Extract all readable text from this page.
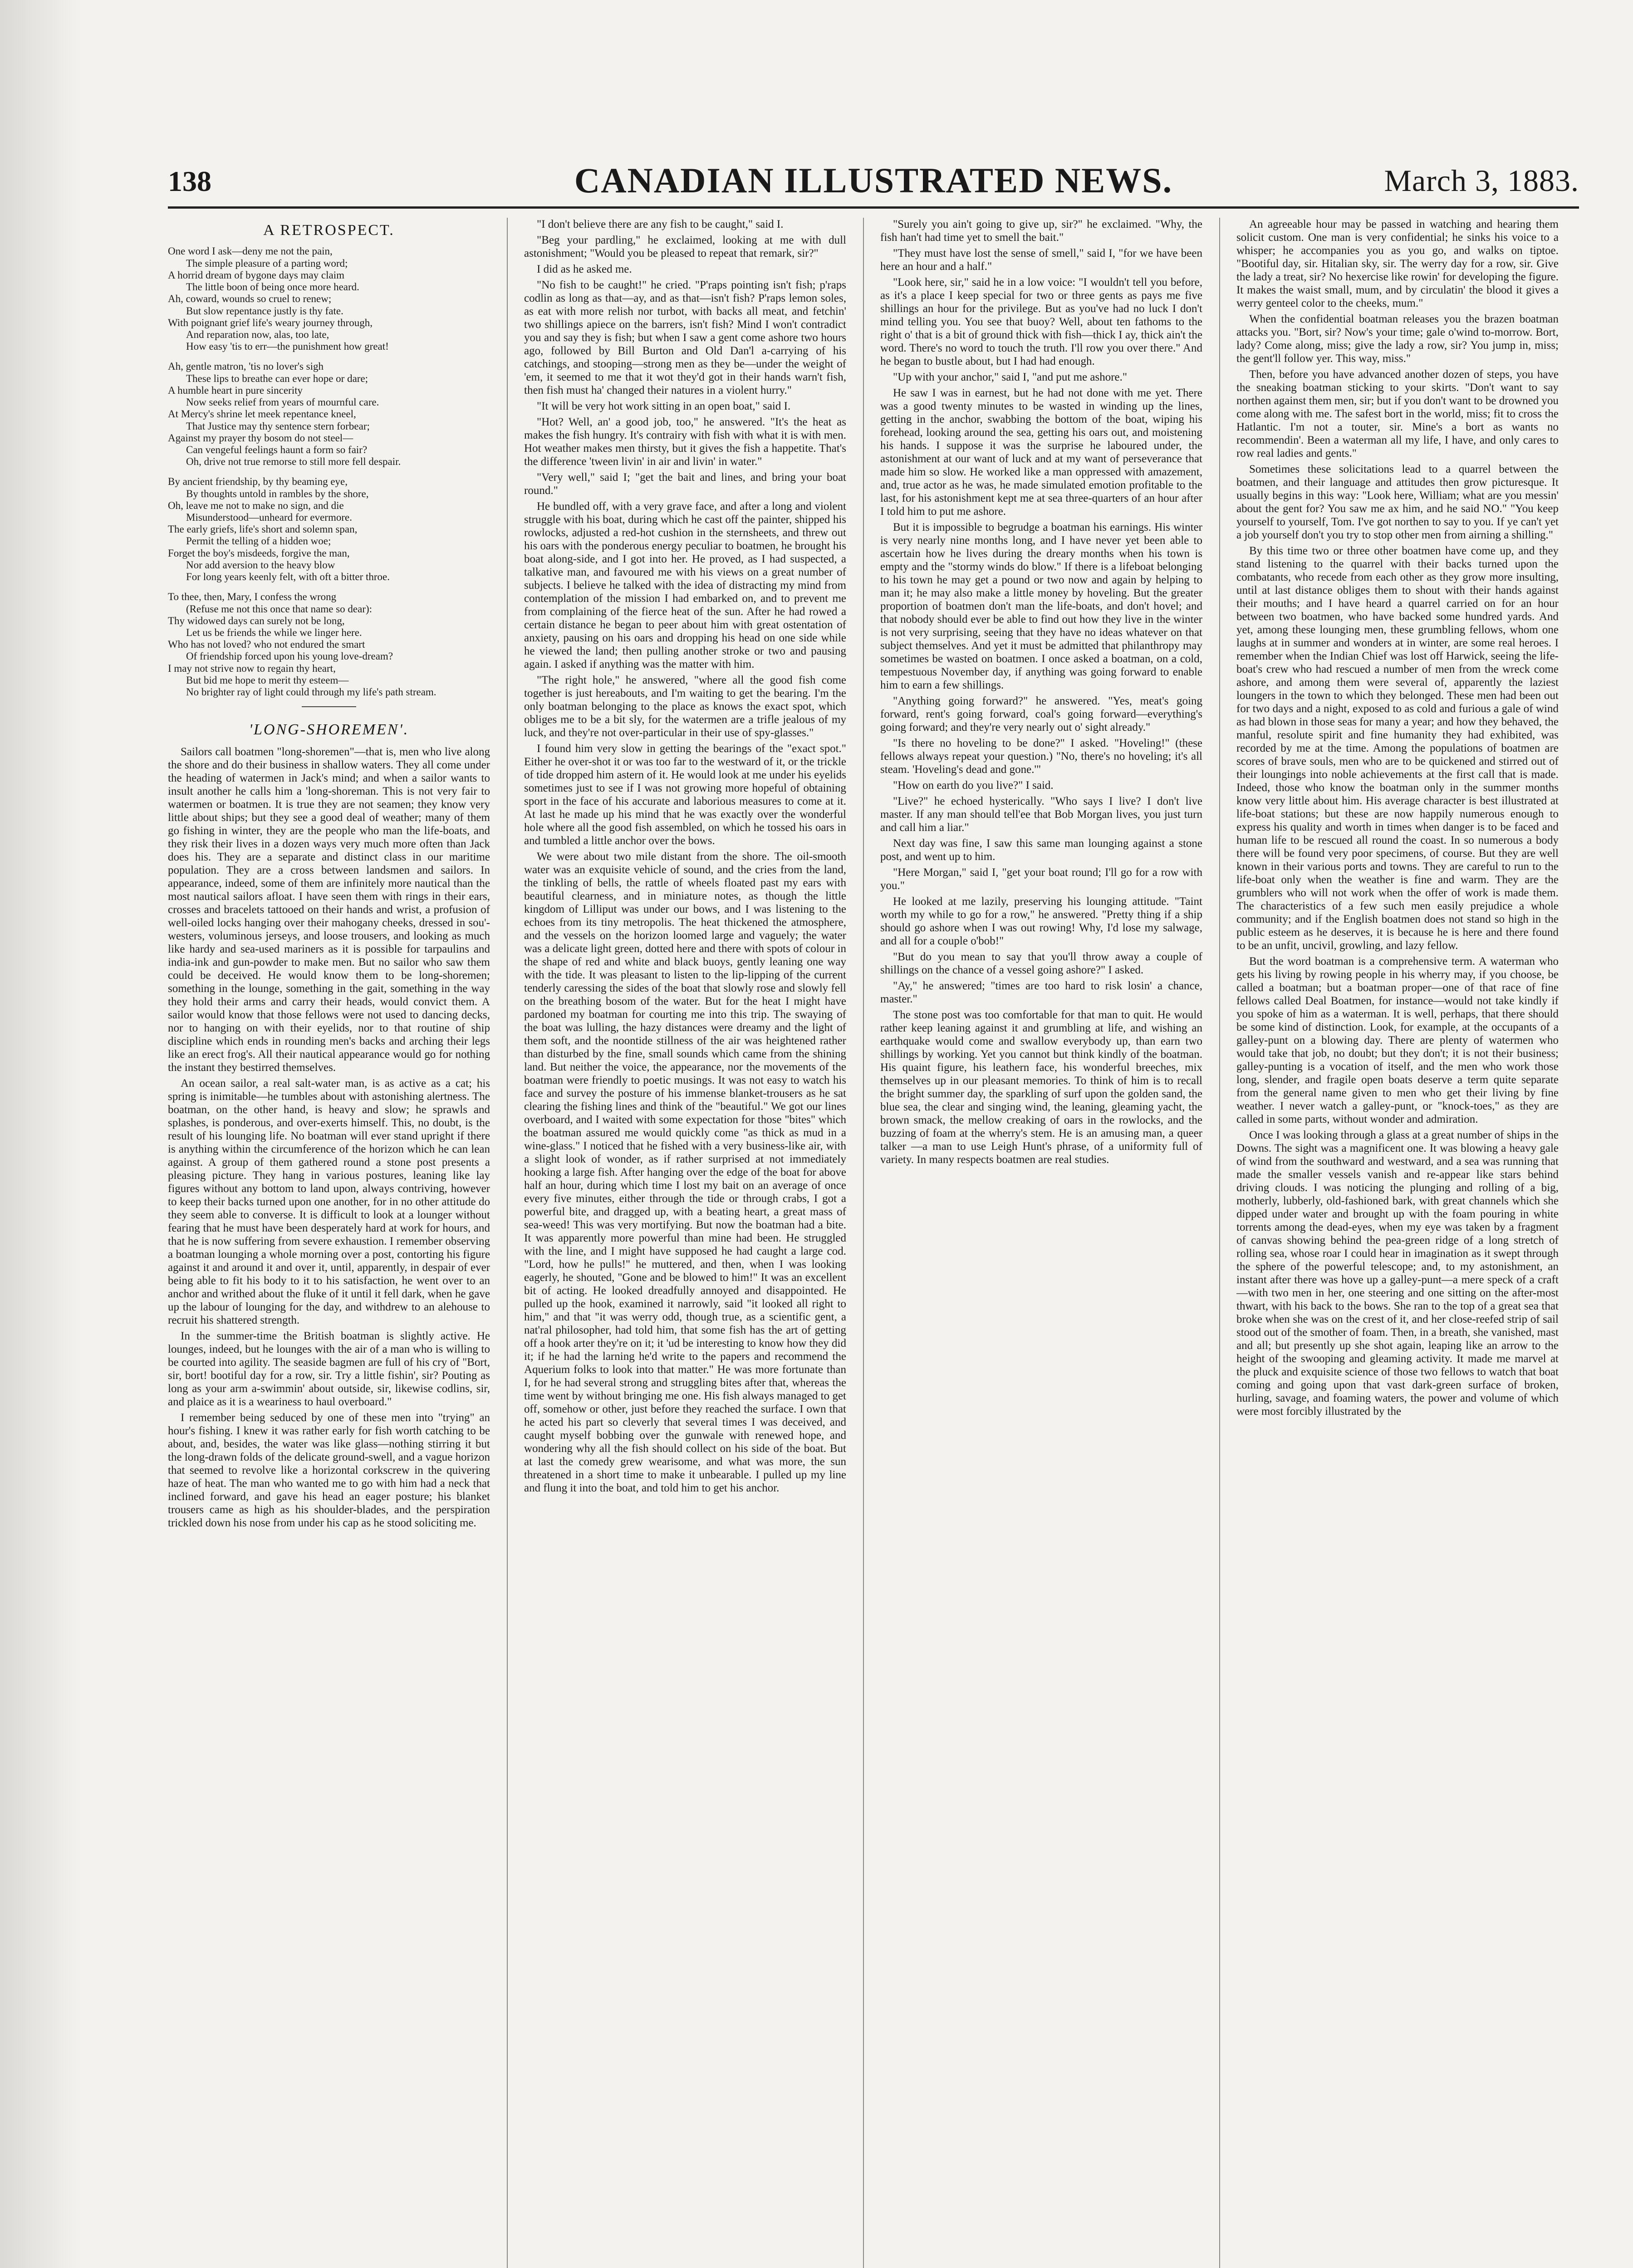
138	CANADIAN ILLUSTRATED NEWS.	March 3, 1883.
A RETROSPECT.
One word I ask—deny me not the pain,
The simple pleasure of a parting word;
A horrid dream of bygone days may claim
The little boon of being once more heard.
Ah, coward, wounds so cruel to renew;
But slow repentance justly is thy fate.
With poignant grief life's weary journey through,
And reparation now, alas, too late,
How easy 'tis to err—the punishment how great!
Ah, gentle matron, 'tis no lover's sigh
These lips to breathe can ever hope or dare;
A humble heart in pure sincerity
Now seeks relief from years of mournful care.
At Mercy's shrine let meek repentance kneel,
That Justice may thy sentence stern forbear;
Against my prayer thy bosom do not steel—
Can vengeful feelings haunt a form so fair?
Oh, drive not true remorse to still more fell despair.
By ancient friendship, by thy beaming eye,
By thoughts untold in rambles by the shore,
Oh, leave me not to make no sign, and die
Misunderstood—unheard for evermore.
The early griefs, life's short and solemn span,
Permit the telling of a hidden woe;
Forget the boy's misdeeds, forgive the man,
Nor add aversion to the heavy blow
For long years keenly felt, with oft a bitter throe.
To thee, then, Mary, I confess the wrong
(Refuse me not this once that name so dear):
Thy widowed days can surely not be long,
Let us be friends the while we linger here.
Who has not loved? who not endured the smart
Of friendship forced upon his young love-dream?
I may not strive now to regain thy heart,
But bid me hope to merit thy esteem—
No brighter ray of light could through my life's path stream.
'LONG-SHOREMEN'.

Sailors call boatmen "long-shoremen"—that is, men who live along the shore and do their business in shallow waters. They all come under the heading of watermen in Jack's mind; and when a sailor wants to insult another he calls him a 'long-shoreman. This is not very fair to watermen or boatmen. It is true they are not seamen; they know very little about ships; but they see a good deal of weather; many of them go fishing in winter, they are the people who man the life-boats, and they risk their lives in a dozen ways very much more often than Jack does his. They are a separate and distinct class in our maritime population. They are a cross between landsmen and sailors. In appearance, indeed, some of them are infinitely more nautical than the most nautical sailors afloat. I have seen them with rings in their ears, crosses and bracelets tattooed on their hands and wrist, a profusion of well-oiled locks hanging over their mahogany cheeks, dressed in sou'-westers, voluminous jerseys, and loose trousers, and looking as much like hardy and sea-used mariners as it is possible for tarpaulins and india-ink and gun-powder to make men. But no sailor who saw them could be deceived. He would know them to be long-shoremen; something in the lounge, something in the gait, something in the way they hold their arms and carry their heads, would convict them. A sailor would know that those fellows were not used to dancing decks, nor to hanging on with their eyelids, nor to that routine of ship discipline which ends in rounding men's backs and arching their legs like an erect frog's. All their nautical appearance would go for nothing the instant they bestirred themselves.

An ocean sailor, a real salt-water man, is as active as a cat; his spring is inimitable—he tumbles about with astonishing alertness. The boatman, on the other hand, is heavy and slow; he sprawls and splashes, is ponderous, and over-exerts himself. This, no doubt, is the result of his lounging life. No boatman will ever stand upright if there is anything within the circumference of the horizon which he can lean against. A group of them gathered round a stone post presents a pleasing picture. They hang in various postures, leaning like lay figures without any bottom to land upon, always contriving, however to keep their backs turned upon one another, for in no other attitude do they seem able to converse. It is difficult to look at a lounger without fearing that he must have been desperately hard at work for hours, and that he is now suffering from severe exhaustion. I remember observing a boatman lounging a whole morning over a post, contorting his figure against it and around it and over it, until, apparently, in despair of ever being able to fit his body to it to his satisfaction, he went over to an anchor and writhed about the fluke of it until it fell dark, when he gave up the labour of lounging for the day, and withdrew to an alehouse to recruit his shattered strength.

In the summer-time the British boatman is slightly active. He lounges, indeed, but he lounges with the air of a man who is willing to be courted into agility. The seaside bagmen are full of his cry of "Bort, sir, bort! bootiful day for a row, sir. Try a little fishin', sir? Pouting as long as your arm a-swimmin' about outside, sir, likewise codlins, sir, and plaice as it is a weariness to haul overboard."

I remember being seduced by one of these men into "trying" an hour's fishing. I knew it was rather early for fish worth catching to be about, and, besides, the water was like glass—nothing stirring it but the long-drawn folds of the delicate ground-swell, and a vague horizon that seemed to revolve like a horizontal corkscrew in the quivering haze of heat. The man who wanted me to go with him had a neck that inclined forward, and gave his head an eager posture; his blanket trousers came as high as his shoulder-blades, and the perspiration trickled down his nose from under his cap as he stood soliciting me.

"I don't believe there are any fish to be caught," said I.

"Beg your pardling," he exclaimed, looking at me with dull astonishment; "Would you be pleased to repeat that remark, sir?"

I did as he asked me.

"No fish to be caught!" he cried. "P'raps pointing isn't fish; p'raps codlin as long as that—ay, and as that—isn't fish? P'raps lemon soles, as eat with more relish nor turbot, with backs all meat, and fetchin' two shillings apiece on the barrers, isn't fish? Mind I won't contradict you and say they is fish; but when I saw a gent come ashore two hours ago, followed by Bill Burton and Old Dan'l a-carrying of his catchings, and stooping—strong men as they be—under the weight of 'em, it seemed to me that it wot they'd got in their hands warn't fish, then fish must ha' changed their natures in a violent hurry."

"It will be very hot work sitting in an open boat," said I.

"Hot? Well, an' a good job, too," he answered. "It's the heat as makes the fish hungry. It's contrairy with fish with what it is with men. Hot weather makes men thirsty, but it gives the fish a happetite. That's the difference 'tween livin' in air and livin' in water."

"Very well," said I; "get the bait and lines, and bring your boat round."

He bundled off, with a very grave face, and after a long and violent struggle with his boat, during which he cast off the painter, shipped his rowlocks, adjusted a red-hot cushion in the sternsheets, and threw out his oars with the ponderous energy peculiar to boatmen, he brought his boat along-side, and I got into her. He proved, as I had suspected, a talkative man, and favoured me with his views on a great number of subjects. I believe he talked with the idea of distracting my mind from contemplation of the mission I had embarked on, and to prevent me from complaining of the fierce heat of the sun. After he had rowed a certain distance he began to peer about him with great ostentation of anxiety, pausing on his oars and dropping his head on one side while he viewed the land; then pulling another stroke or two and pausing again. I asked if anything was the matter with him.

"The right hole," he answered, "where all the good fish come together is just hereabouts, and I'm waiting to get the bearing. I'm the only boatman belonging to the place as knows the exact spot, which obliges me to be a bit sly, for the watermen are a trifle jealous of my luck, and they're not over-particular in their use of spy-glasses."

I found him very slow in getting the bearings of the "exact spot." Either he over-shot it or was too far to the westward of it, or the trickle of tide dropped him astern of it. He would look at me under his eyelids sometimes just to see if I was not growing more hopeful of obtaining sport in the face of his accurate and laborious measures to come at it. At last he made up his mind that he was exactly over the wonderful hole where all the good fish assembled, on which he tossed his oars in and tumbled a little anchor over the bows.

We were about two mile distant from the shore. The oil-smooth water was an exquisite vehicle of sound, and the cries from the land, the tinkling of bells, the rattle of wheels floated past my ears with beautiful clearness, and in miniature notes, as though the little kingdom of Lilliput was under our bows, and I was listening to the echoes from its tiny metropolis. The heat thickened the atmosphere, and the vessels on the horizon loomed large and vaguely; the water was a delicate light green, dotted here and there with spots of colour in the shape of red and white and black buoys, gently leaning one way with the tide. It was pleasant to listen to the lip-lipping of the current tenderly caressing the sides of the boat that slowly rose and slowly fell on the breathing bosom of the water. But for the heat I might have pardoned my boatman for courting me into this trip. The swaying of the boat was lulling, the hazy distances were dreamy and the light of them soft, and the noontide stillness of the air was heightened rather than disturbed by the fine, small sounds which came from the shining land. But neither the voice, the appearance, nor the movements of the boatman were friendly to poetic musings. It was not easy to watch his face and survey the posture of his immense blanket-trousers as he sat clearing the fishing lines and think of the "beautiful." We got our lines overboard, and I waited with some expectation for those "bites" which the boatman assured me would quickly come "as thick as mud in a wine-glass." I noticed that he fished with a very business-like air, with a slight look of wonder, as if rather surprised at not immediately hooking a large fish. After hanging over the edge of the boat for above half an hour, during which time I lost my bait on an average of once every five minutes, either through the tide or through crabs, I got a powerful bite, and dragged up, with a beating heart, a great mass of sea-weed! This was very mortifying. But now the boatman had a bite. It was apparently more powerful than mine had been. He struggled with the line, and I might have supposed he had caught a large cod. "Lord, how he pulls!" he muttered, and then, when I was looking eagerly, he shouted, "Gone and be blowed to him!" It was an excellent bit of acting. He looked dreadfully annoyed and disappointed. He pulled up the hook, examined it narrowly, said "it looked all right to him," and that "it was werry odd, though true, as a scientific gent, a nat'ral philosopher, had told him, that some fish has the art of getting off a hook arter they're on it; it 'ud be interesting to know how they did it; if he had the larning he'd write to the papers and recommend the Aquerium folks to look into that matter." He was more fortunate than I, for he had several strong and struggling bites after that, whereas the time went by without bringing me one. His fish always managed to get off, somehow or other, just before they reached the surface. I own that he acted his part so cleverly that several times I was deceived, and caught myself bobbing over the gunwale with renewed hope, and wondering why all the fish should collect on his side of the boat. But at last the comedy grew wearisome, and what was more, the sun threatened in a short time to make it unbearable. I pulled up my line and flung it into the boat, and told him to get his anchor.

"Surely you ain't going to give up, sir?" he exclaimed. "Why, the fish han't had time yet to smell the bait."

"They must have lost the sense of smell," said I, "for we have been here an hour and a half."

"Look here, sir," said he in a low voice: "I wouldn't tell you before, as it's a place I keep special for two or three gents as pays me five shillings an hour for the privilege. But as you've had no luck I don't mind telling you. You see that buoy? Well, about ten fathoms to the right o' that is a bit of ground thick with fish—thick I ay, thick ain't the word. There's no word to touch the truth. I'll row you over there." And he began to bustle about, but I had had enough.

"Up with your anchor," said I, "and put me ashore."

He saw I was in earnest, but he had not done with me yet. There was a good twenty minutes to be wasted in winding up the lines, getting in the anchor, swabbing the bottom of the boat, wiping his forehead, looking around the sea, getting his oars out, and moistening his hands. I suppose it was the surprise he laboured under, the astonishment at our want of luck and at my want of perseverance that made him so slow. He worked like a man oppressed with amazement, and, true actor as he was, he made simulated emotion profitable to the last, for his astonishment kept me at sea three-quarters of an hour after I told him to put me ashore.

But it is impossible to begrudge a boatman his earnings. His winter is very nearly nine months long, and I have never yet been able to ascertain how he lives during the dreary months when his town is empty and the "stormy winds do blow." If there is a lifeboat belonging to his town he may get a pound or two now and again by helping to man it; he may also make a little money by hoveling. But the greater proportion of boatmen don't man the life-boats, and don't hovel; and that nobody should ever be able to find out how they live in the winter is not very surprising, seeing that they have no ideas whatever on that subject themselves. And yet it must be admitted that philanthropy may sometimes be wasted on boatmen. I once asked a boatman, on a cold, tempestuous November day, if anything was going forward to enable him to earn a few shillings.

"Anything going forward?" he answered. "Yes, meat's going forward, rent's going forward, coal's going forward—everything's going forward; and they're very nearly out o' sight already."

"Is there no hoveling to be done?" I asked. "Hoveling!" (these fellows always repeat your question.) "No, there's no hoveling; it's all steam. 'Hoveling's dead and gone.'"

"How on earth do you live?" I said.

"Live?" he echoed hysterically. "Who says I live? I don't live master. If any man should tell'ee that Bob Morgan lives, you just turn and call him a liar."

Next day was fine, I saw this same man lounging against a stone post, and went up to him.

"Here Morgan," said I, "get your boat round; I'll go for a row with you."

He looked at me lazily, preserving his lounging attitude. "Taint worth my while to go for a row," he answered. "Pretty thing if a ship should go ashore when I was out rowing! Why, I'd lose my salwage, and all for a couple o'bob!"

"But do you mean to say that you'll throw away a couple of shillings on the chance of a vessel going ashore?" I asked.

"Ay," he answered; "times are too hard to risk losin' a chance, master."

The stone post was too comfortable for that man to quit. He would rather keep leaning against it and grumbling at life, and wishing an earthquake would come and swallow everybody up, than earn two shillings by working. Yet you cannot but think kindly of the boatman. His quaint figure, his leathern face, his wonderful breeches, mix themselves up in our pleasant memories. To think of him is to recall the bright summer day, the sparkling of surf upon the golden sand, the blue sea, the clear and singing wind, the leaning, gleaming yacht, the brown smack, the mellow creaking of oars in the rowlocks, and the buzzing of foam at the wherry's stem. He is an amusing man, a queer talker —a man to use Leigh Hunt's phrase, of a uniformity full of variety. In many respects boatmen are real studies.

An agreeable hour may be passed in watching and hearing them solicit custom. One man is very confidential; he sinks his voice to a whisper; he accompanies you as you go, and walks on tiptoe. "Bootiful day, sir. Hitalian sky, sir. The werry day for a row, sir. Give the lady a treat, sir? No hexercise like rowin' for developing the figure. It makes the waist small, mum, and by circulatin' the blood it gives a werry genteel color to the cheeks, mum."

When the confidential boatman releases you the brazen boatman attacks you. "Bort, sir? Now's your time; gale o'wind to-morrow. Bort, lady? Come along, miss; give the lady a row, sir? You jump in, miss; the gent'll follow yer. This way, miss."

Then, before you have advanced another dozen of steps, you have the sneaking boatman sticking to your skirts. "Don't want to say northen against them men, sir; but if you don't want to be drowned you come along with me. The safest bort in the world, miss; fit to cross the Hatlantic. I'm not a touter, sir. Mine's a bort as wants no recommendin'. Been a waterman all my life, I have, and only cares to row real ladies and gents."

Sometimes these solicitations lead to a quarrel between the boatmen, and their language and attitudes then grow picturesque. It usually begins in this way: "Look here, William; what are you messin' about the gent for? You saw me ax him, and he said NO." "You keep yourself to yourself, Tom. I've got northen to say to you. If ye can't yet a job yourself don't you try to stop other men from airning a shilling."

By this time two or three other boatmen have come up, and they stand listening to the quarrel with their backs turned upon the combatants, who recede from each other as they grow more insulting, until at last distance obliges them to shout with their hands against their mouths; and I have heard a quarrel carried on for an hour between two boatmen, who have backed some hundred yards. And yet, among these lounging men, these grumbling fellows, whom one laughs at in summer and wonders at in winter, are some real heroes. I remember when the Indian Chief was lost off Harwick, seeing the life-boat's crew who had rescued a number of men from the wreck come ashore, and among them were several of, apparently the laziest loungers in the town to which they belonged. These men had been out for two days and a night, exposed to as cold and furious a gale of wind as had blown in those seas for many a year; and how they behaved, the manful, resolute spirit and fine humanity they had exhibited, was recorded by me at the time. Among the populations of boatmen are scores of brave souls, men who are to be quickened and stirred out of their loungings into noble achievements at the first call that is made. Indeed, those who know the boatman only in the summer months know very little about him. His average character is best illustrated at life-boat stations; but these are now happily numerous enough to express his quality and worth in times when danger is to be faced and human life to be rescued all round the coast. In so numerous a body there will be found very poor specimens, of course. But they are well known in their various ports and towns. They are careful to run to the life-boat only when the weather is fine and warm. They are the grumblers who will not work when the offer of work is made them. The characteristics of a few such men easily prejudice a whole community; and if the English boatmen does not stand so high in the public esteem as he deserves, it is because he is here and there found to be an unfit, uncivil, growling, and lazy fellow.

But the word boatman is a comprehensive term. A waterman who gets his living by rowing people in his wherry may, if you choose, be called a boatman; but a boatman proper—one of that race of fine fellows called Deal Boatmen, for instance—would not take kindly if you spoke of him as a waterman. It is well, perhaps, that there should be some kind of distinction. Look, for example, at the occupants of a galley-punt on a blowing day. There are plenty of watermen who would take that job, no doubt; but they don't; it is not their business; galley-punting is a vocation of itself, and the men who work those long, slender, and fragile open boats deserve a term quite separate from the general name given to men who get their living by fine weather. I never watch a galley-punt, or "knock-toes," as they are called in some parts, without wonder and admiration.

Once I was looking through a glass at a great number of ships in the Downs. The sight was a magnificent one. It was blowing a heavy gale of wind from the southward and westward, and a sea was running that made the smaller vessels vanish and re-appear like stars behind driving clouds. I was noticing the plunging and rolling of a big, motherly, lubberly, old-fashioned bark, with great channels which she dipped under water and brought up with the foam pouring in white torrents among the dead-eyes, when my eye was taken by a fragment of canvas showing behind the pea-green ridge of a long stretch of rolling sea, whose roar I could hear in imagination as it swept through the sphere of the powerful telescope; and, to my astonishment, an instant after there was hove up a galley-punt—a mere speck of a craft—with two men in her, one steering and one sitting on the after-most thwart, with his back to the bows. She ran to the top of a great sea that broke when she was on the crest of it, and her close-reefed strip of sail stood out of the smother of foam. Then, in a breath, she vanished, mast and all; but presently up she shot again, leaping like an arrow to the height of the swooping and gleaming activity. It made me marvel at the pluck and exquisite science of those two fellows to watch that boat coming and going upon that vast dark-green surface of broken, hurling, savage, and foaming waters, the power and volume of which were most forcibly illustrated by the
